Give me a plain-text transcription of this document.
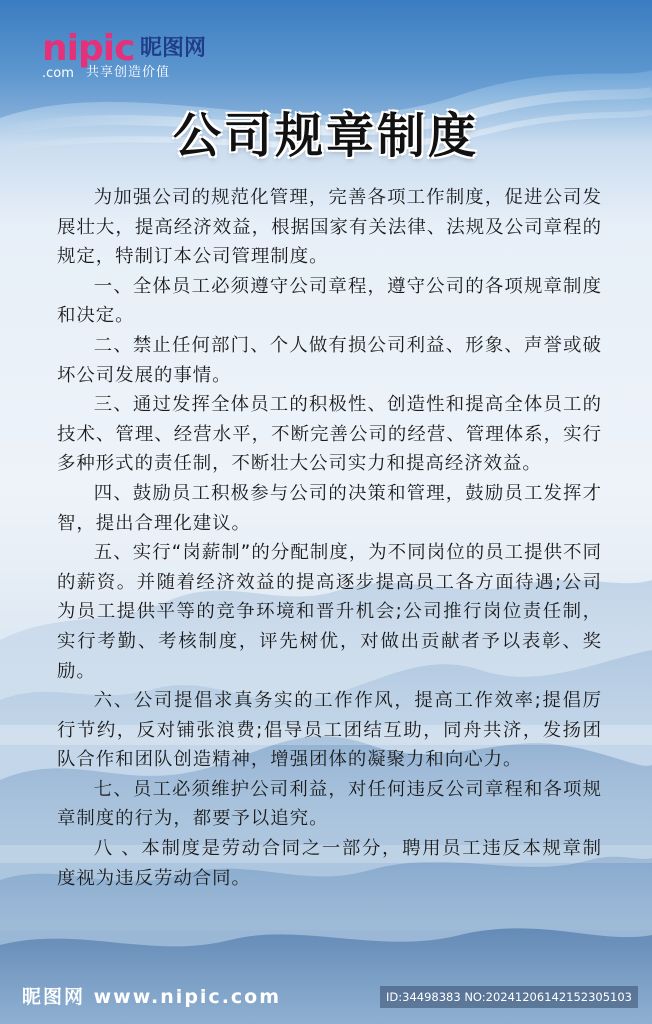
nipic 昵图网
.com 共享创造价值
公司规章制度

为加强公司的规范化管理，完善各项工作制度，促进公司发展壮大，提高经济效益，根据国家有关法律、法规及公司章程的规定，特制订本公司管理制度。

一、全体员工必须遵守公司章程，遵守公司的各项规章制度和决定。

二、禁止任何部门、个人做有损公司利益、形象、声誉或破坏公司发展的事情。

三、通过发挥全体员工的积极性、创造性和提高全体员工的技术、管理、经营水平，不断完善公司的经营、管理体系，实行多种形式的责任制，不断壮大公司实力和提高经济效益。

四、鼓励员工积极参与公司的决策和管理，鼓励员工发挥才智，提出合理化建议。

五、实行“岗薪制”的分配制度，为不同岗位的员工提供不同的薪资。并随着经济效益的提高逐步提高员工各方面待遇;公司为员工提供平等的竞争环境和晋升机会;公司推行岗位责任制，实行考勤、考核制度，评先树优，对做出贡献者予以表彰、奖励。

六、公司提倡求真务实的工作作风，提高工作效率;提倡厉行节约，反对铺张浪费;倡导员工团结互助，同舟共济，发扬团队合作和团队创造精神，增强团体的凝聚力和向心力。

七、员工必须维护公司利益，对任何违反公司章程和各项规章制度的行为，都要予以追究。

八 、本制度是劳动合同之一部分，聘用员工违反本规章制度视为违反劳动合同。

昵图网 www.nipic.com	ID:34498383 NO:20241206142152305103
